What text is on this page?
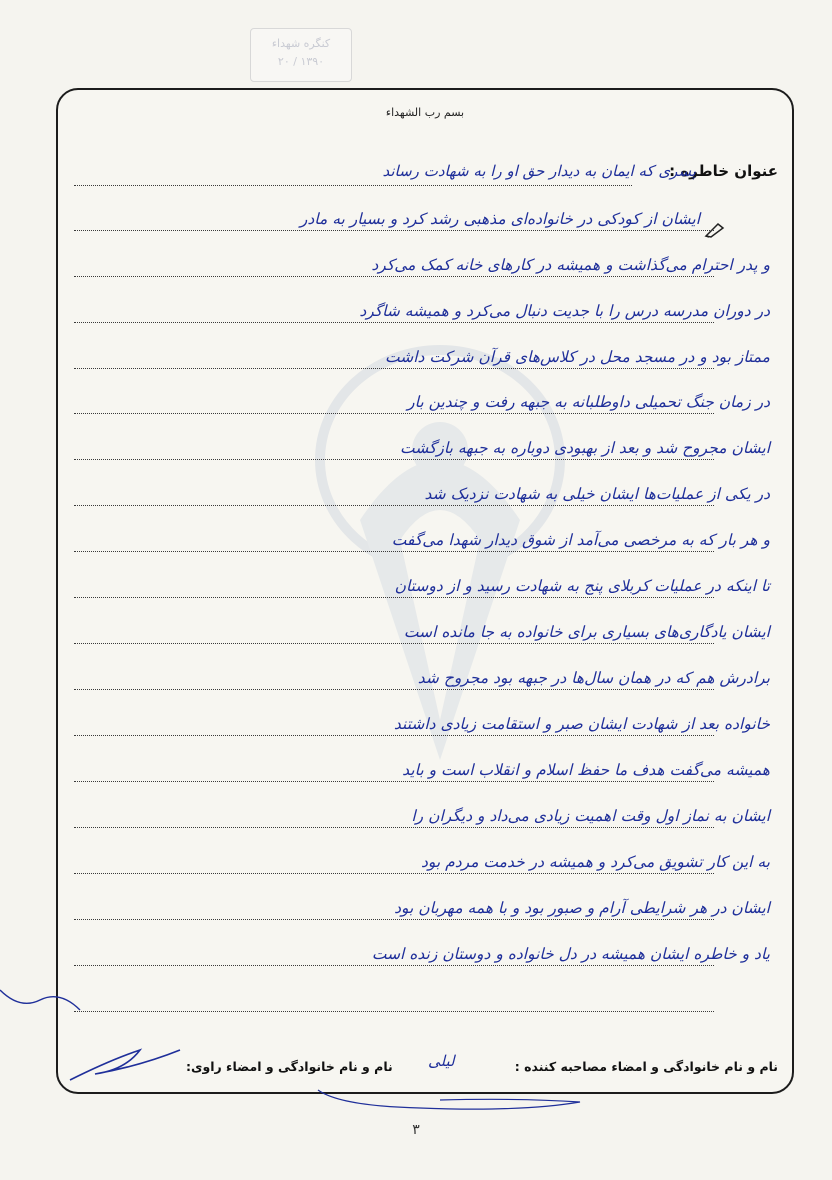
کنگره شهداء
۱۳۹۰ / ۲۰
بسم رب الشهداء
عنوان خاطره :
پسری که ایمان به دیدار حق او را به شهادت رساند
ایشان از کودکی در خانواده‌ای مذهبی رشد کرد و بسیار به مادر
و پدر احترام می‌گذاشت و همیشه در کارهای خانه کمک می‌کرد
در دوران مدرسه درس را با جدیت دنبال می‌کرد و همیشه شاگرد
ممتاز بود و در مسجد محل در کلاس‌های قرآن شرکت داشت
در زمان جنگ تحمیلی داوطلبانه به جبهه رفت و چندین بار
ایشان مجروح شد و بعد از بهبودی دوباره به جبهه بازگشت
در یکی از عملیات‌ها ایشان خیلی به شهادت نزدیک شد
و هر بار که به مرخصی می‌آمد از شوق دیدار شهدا می‌گفت
تا اینکه در عملیات کربلای پنج به شهادت رسید و از دوستان
ایشان یادگاری‌های بسیاری برای خانواده به جا مانده است
برادرش هم که در همان سال‌ها در جبهه بود مجروح شد
خانواده بعد از شهادت ایشان صبر و استقامت زیادی داشتند
همیشه می‌گفت هدف ما حفظ اسلام و انقلاب است و باید
ایشان به نماز اول وقت اهمیت زیادی می‌داد و دیگران را
به این کار تشویق می‌کرد و همیشه در خدمت مردم بود
ایشان در هر شرایطی آرام و صبور بود و با همه مهربان بود
یاد و خاطره ایشان همیشه در دل خانواده و دوستان زنده است
نام و نام خانوادگی و امضاء مصاحبه کننده :
لیلی
نام و نام خانوادگی و امضاء راوی:
۳
